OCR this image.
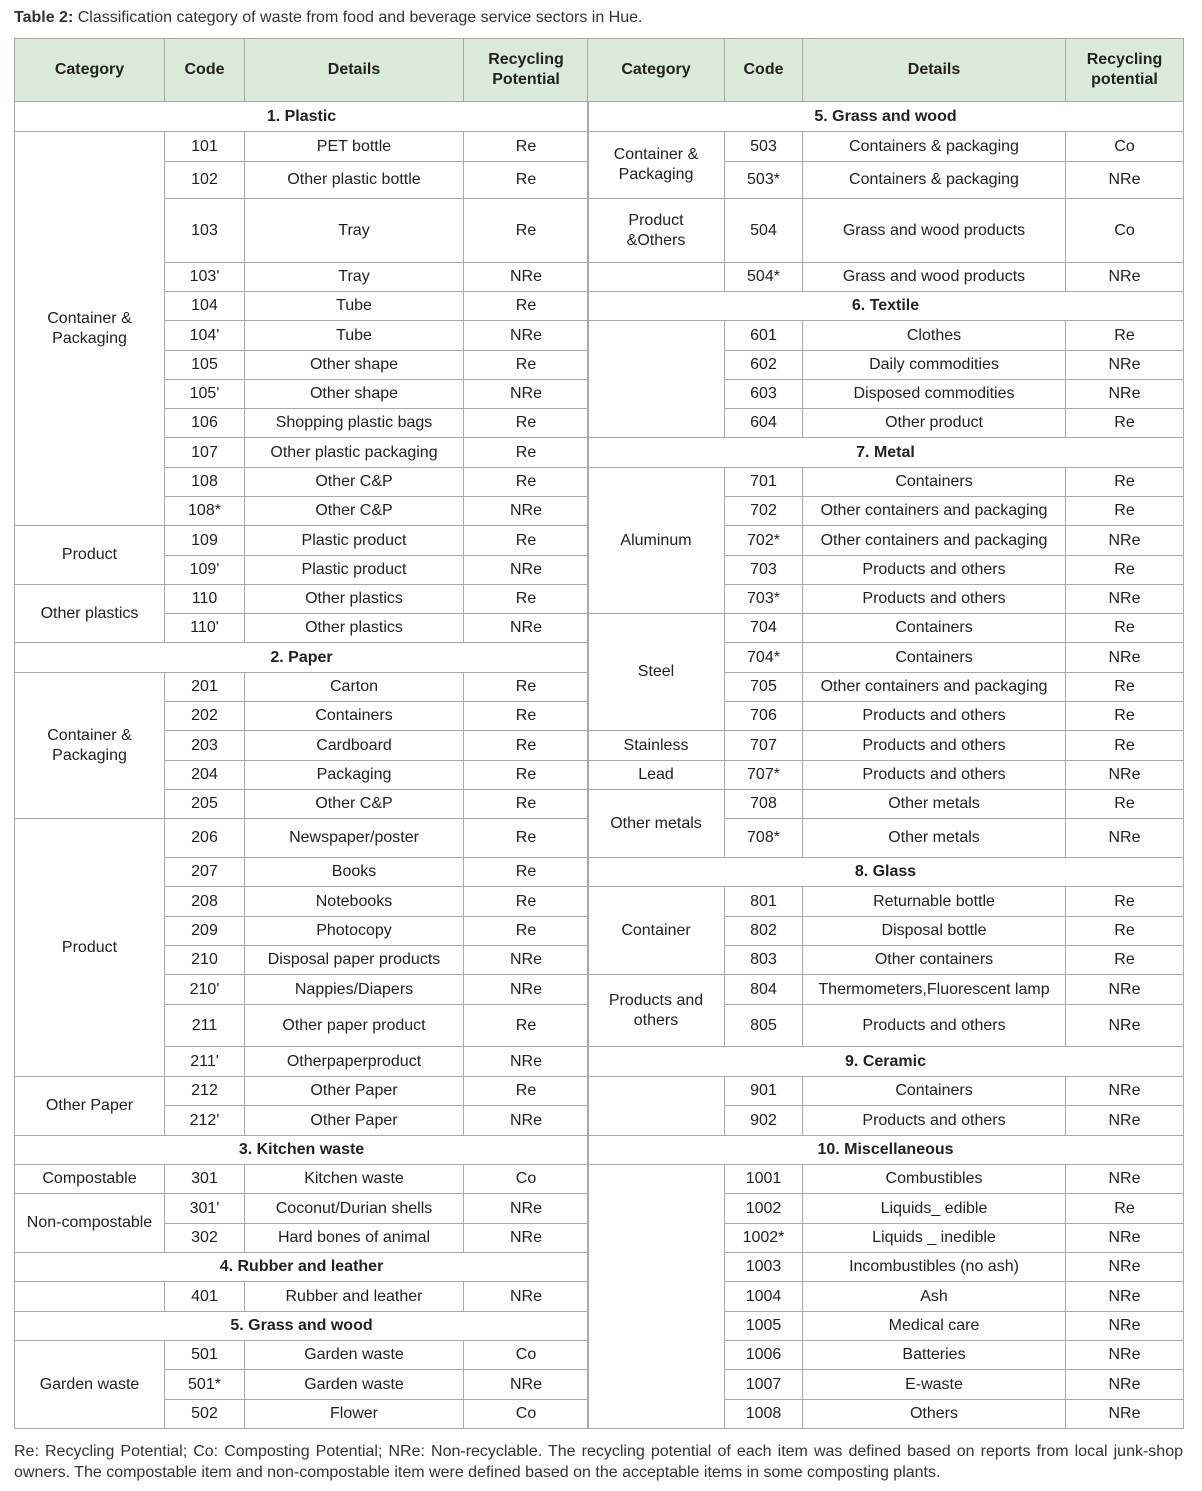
Table 2: Classification category of waste from food and beverage service sectors in Hue.
Category	Code	Details	Recycling Potential
1. Plastic			
Container &
Packaging	101	PET bottle	Re
	102	Other plastic bottle	Re
	103	Tray	Re
	103'	Tray	NRe
	104	Tube	Re
	104'	Tube	NRe
	105	Other shape	Re
	105'	Other shape	NRe
	106	Shopping plastic bags	Re
	107	Other plastic packaging	Re
	108	Other C&P	Re
	108*	Other C&P	NRe
Product	109	Plastic product	Re
	109'	Plastic product	NRe
Other plastics	110	Other plastics	Re
	110'	Other plastics	NRe
2. Paper			
Container &
Packaging	201	Carton	Re
	202	Containers	Re
	203	Cardboard	Re
	204	Packaging	Re
	205	Other C&P	Re
Product	206	Newspaper/poster	Re
	207	Books	Re
	208	Notebooks	Re
	209	Photocopy	Re
	210	Disposal paper products	NRe
	210'	Nappies/Diapers	NRe
	211	Other paper product	Re
	211'	Otherpaperproduct	NRe
Other Paper	212	Other Paper	Re
	212'	Other Paper	NRe
3. Kitchen waste			
Compostable	301	Kitchen waste	Co
Non-compostable	301'	Coconut/Durian shells	NRe
	302	Hard bones of animal	NRe
4. Rubber and leather			
	401	Rubber and leather	NRe
5. Grass and wood			
Garden waste	501	Garden waste	Co
	501*	Garden waste	NRe
	502	Flower	Co
Category	Code	Details	Recycling potential
5. Grass and wood			
Container &
Packaging	503	Containers & packaging	Co
	503*	Containers & packaging	NRe
Product
&Others	504	Grass and wood products	Co
	504*	Grass and wood products	NRe
6. Textile			
	601	Clothes	Re
	602	Daily commodities	NRe
	603	Disposed commodities	NRe
	604	Other product	Re
7. Metal			
Aluminum	701	Containers	Re
	702	Other containers and packaging	Re
	702*	Other containers and packaging	NRe
	703	Products and others	Re
	703*	Products and others	NRe
Steel	704	Containers	Re
	704*	Containers	NRe
	705	Other containers and packaging	Re
	706	Products and others	Re
Stainless	707	Products and others	Re
Lead	707*	Products and others	NRe
Other metals	708	Other metals	Re
	708*	Other metals	NRe
8. Glass			
Container	801	Returnable bottle	Re
	802	Disposal bottle	Re
	803	Other containers	Re
Products and
others	804	Thermometers,Fluorescent lamp	NRe
	805	Products and others	NRe
9. Ceramic			
	901	Containers	NRe
	902	Products and others	NRe
10. Miscellaneous			
	1001	Combustibles	NRe
	1002	Liquids_ edible	Re
	1002*	Liquids _ inedible	NRe
	1003	Incombustibles (no ash)	NRe
	1004	Ash	NRe
	1005	Medical care	NRe
	1006	Batteries	NRe
	1007	E-waste	NRe
	1008	Others	NRe
Re: Recycling Potential; Co: Composting Potential; NRe: Non-recyclable. The recycling potential of each item was defined based on reports from local junk-shop owners. The compostable item and non-compostable item were defined based on the acceptable items in some composting plants.
